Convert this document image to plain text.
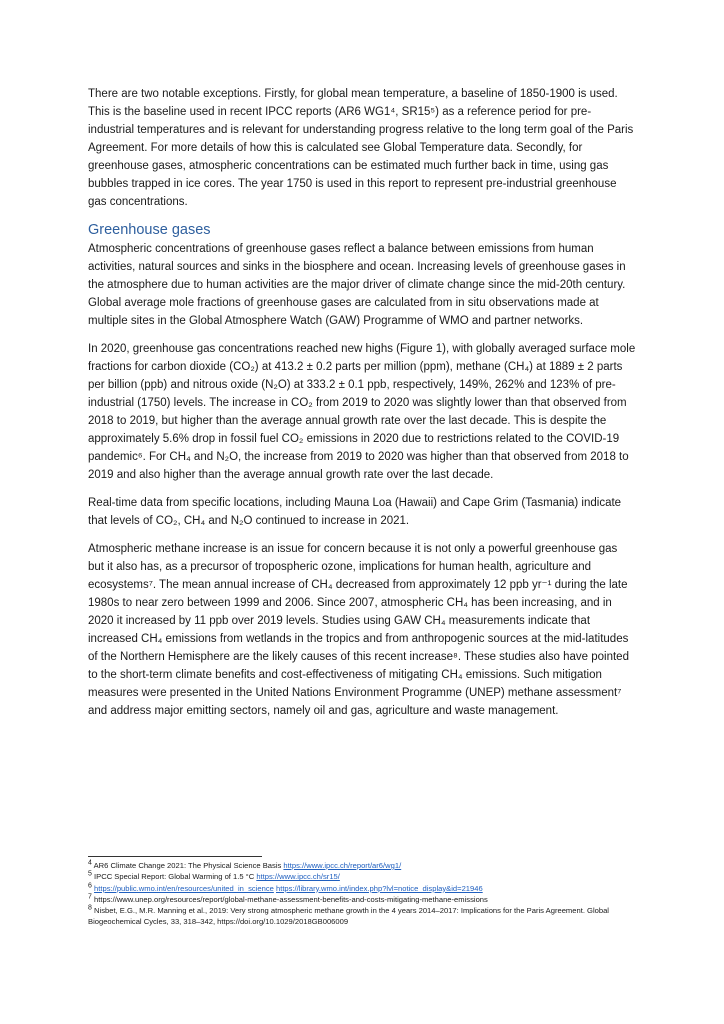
There are two notable exceptions. Firstly, for global mean temperature, a baseline of 1850-1900 is used. This is the baseline used in recent IPCC reports (AR6 WG1⁴, SR15⁵) as a reference period for pre-industrial temperatures and is relevant for understanding progress relative to the long term goal of the Paris Agreement. For more details of how this is calculated see Global Temperature data. Secondly, for greenhouse gases, atmospheric concentrations can be estimated much further back in time, using gas bubbles trapped in ice cores. The year 1750 is used in this report to represent pre-industrial greenhouse gas concentrations.

Greenhouse gases

Atmospheric concentrations of greenhouse gases reflect a balance between emissions from human activities, natural sources and sinks in the biosphere and ocean. Increasing levels of greenhouse gases in the atmosphere due to human activities are the major driver of climate change since the mid-20th century. Global average mole fractions of greenhouse gases are calculated from in situ observations made at multiple sites in the Global Atmosphere Watch (GAW) Programme of WMO and partner networks.

In 2020, greenhouse gas concentrations reached new highs (Figure 1), with globally averaged surface mole fractions for carbon dioxide (CO₂) at 413.2 ± 0.2 parts per million (ppm), methane (CH₄) at 1889 ± 2 parts per billion (ppb) and nitrous oxide (N₂O) at 333.2 ± 0.1 ppb, respectively, 149%, 262% and 123% of pre-industrial (1750) levels. The increase in CO₂ from 2019 to 2020 was slightly lower than that observed from 2018 to 2019, but higher than the average annual growth rate over the last decade. This is despite the approximately 5.6% drop in fossil fuel CO₂ emissions in 2020 due to restrictions related to the COVID-19 pandemic⁶. For CH₄ and N₂O, the increase from 2019 to 2020 was higher than that observed from 2018 to 2019 and also higher than the average annual growth rate over the last decade.

Real-time data from specific locations, including Mauna Loa (Hawaii) and Cape Grim (Tasmania) indicate that levels of CO₂, CH₄ and N₂O continued to increase in 2021.

Atmospheric methane increase is an issue for concern because it is not only a powerful greenhouse gas but it also has, as a precursor of tropospheric ozone, implications for human health, agriculture and ecosystems⁷. The mean annual increase of CH₄ decreased from approximately 12 ppb yr⁻¹ during the late 1980s to near zero between 1999 and 2006. Since 2007, atmospheric CH₄ has been increasing, and in 2020 it increased by 11 ppb over 2019 levels. Studies using GAW CH₄ measurements indicate that increased CH₄ emissions from wetlands in the tropics and from anthropogenic sources at the mid-latitudes of the Northern Hemisphere are the likely causes of this recent increase⁸. These studies also have pointed to the short-term climate benefits and cost-effectiveness of mitigating CH₄ emissions. Such mitigation measures were presented in the United Nations Environment Programme (UNEP) methane assessment⁷ and address major emitting sectors, namely oil and gas, agriculture and waste management.

$^4$ AR6 Climate Change 2021: The Physical Science Basis https://www.ipcc.ch/report/ar6/wg1/
$^5$ IPCC Special Report: Global Warming of 1.5 °C https://www.ipcc.ch/sr15/
$^6$ https://public.wmo.int/en/resources/united_in_science https://library.wmo.int/index.php?lvl=notice_display&id=21946
$^7$ https://www.unep.org/resources/report/global-methane-assessment-benefits-and-costs-mitigating-methane-emissions
$^8$ Nisbet, E.G., M.R. Manning et al., 2019: Very strong atmospheric methane growth in the 4 years 2014–2017: Implications for the Paris Agreement. Global Biogeochemical Cycles, 33, 318–342, https://doi.org/10.1029/2018GB006009
